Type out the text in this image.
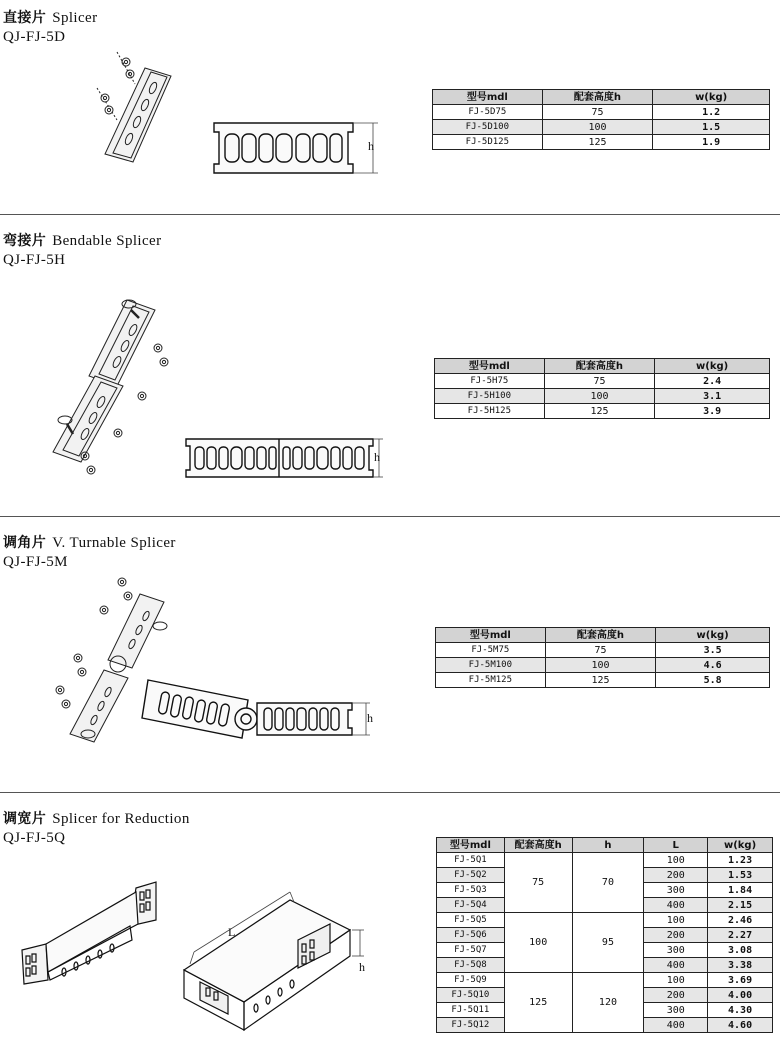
直接片 Splicer
QJ-FJ-5D
h
型号mdl	配套高度h	w(kg)
FJ-5D75	75	1.2
FJ-5D100	100	1.5
FJ-5D125	125	1.9
弯接片 Bendable Splicer
QJ-FJ-5H
h
型号mdl	配套高度h	w(kg)
FJ-5H75	75	2.4
FJ-5H100	100	3.1
FJ-5H125	125	3.9
调角片 V. Turnable Splicer
QJ-FJ-5M
h
型号mdl	配套高度h	w(kg)
FJ-5M75	75	3.5
FJ-5M100	100	4.6
FJ-5M125	125	5.8
调宽片 Splicer for Reduction
QJ-FJ-5Q
L
h
型号mdl	配套高度h	h	L	w(kg)
FJ-5Q1	75	70	100	1.23
FJ-5Q2			200	1.53
FJ-5Q3			300	1.84
FJ-5Q4			400	2.15
FJ-5Q5	100	95	100	2.46
FJ-5Q6			200	2.27
FJ-5Q7			300	3.08
FJ-5Q8			400	3.38
FJ-5Q9	125	120	100	3.69
FJ-5Q10			200	4.00
FJ-5Q11			300	4.30
FJ-5Q12			400	4.60
